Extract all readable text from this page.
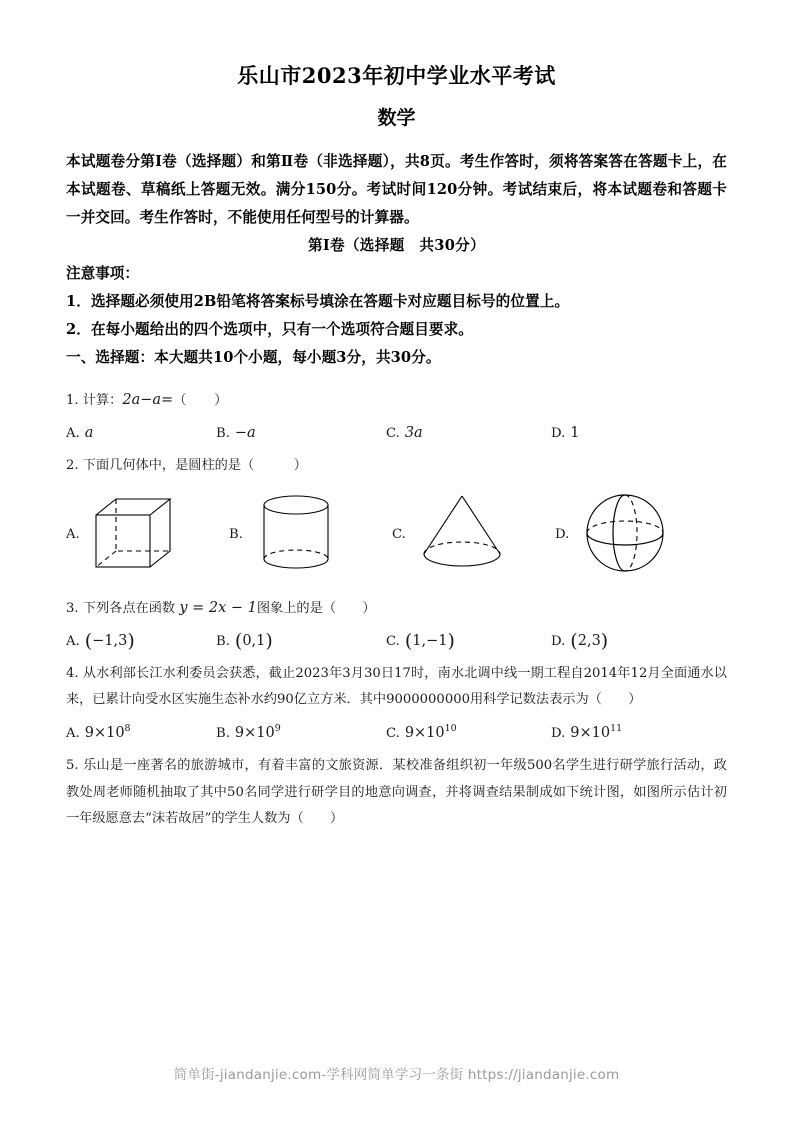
乐山市2023年初中学业水平考试
数学

本试题卷分第Ⅰ卷（选择题）和第Ⅱ卷（非选择题），共8页。考生作答时，须将答案答在答题卡上，在本试题卷、草稿纸上答题无效。满分150分。考试时间120分钟。考试结束后，将本试题卷和答题卡一并交回。考生作答时，不能使用任何型号的计算器。

第Ⅰ卷（选择题　共30分）

注意事项：

1．选择题必须使用2B铅笔将答案标号填涂在答题卡对应题目标号的位置上。

2．在每小题给出的四个选项中，只有一个选项符合题目要求。

一、选择题：本大题共10个小题，每小题3分，共30分。

1. 计算：2a−a=（　　）
A. a	B. −a	C. 3a	D. 1
2. 下面几何体中，是圆柱的是（　　　）
A.	B.	C.	D.
3. 下列各点在函数 y = 2x − 1图象上的是（　　）
A. (−1,3)	B. (0,1)	C. (1,−1)	D. (2,3)
4. 从水利部长江水利委员会获悉，截止2023年3月30日17时，南水北调中线一期工程自2014年12月全面通水以来，已累计向受水区实施生态补水约90亿立方米．其中9000000000用科学记数法表示为（　　）
A. $9\times 10^8$	B. $9\times 10^9$	C. $9\times 10^{10}$	D. $9\times 10^{11}$
5. 乐山是一座著名的旅游城市，有着丰富的文旅资源．某校准备组织初一年级500名学生进行研学旅行活动，政教处周老师随机抽取了其中50名同学进行研学目的地意向调查，并将调查结果制成如下统计图，如图所示估计初一年级愿意去“沫若故居”的学生人数为（　　）
简单街-jiandanjie.com-学科网简单学习一条街 https://jiandanjie.com
